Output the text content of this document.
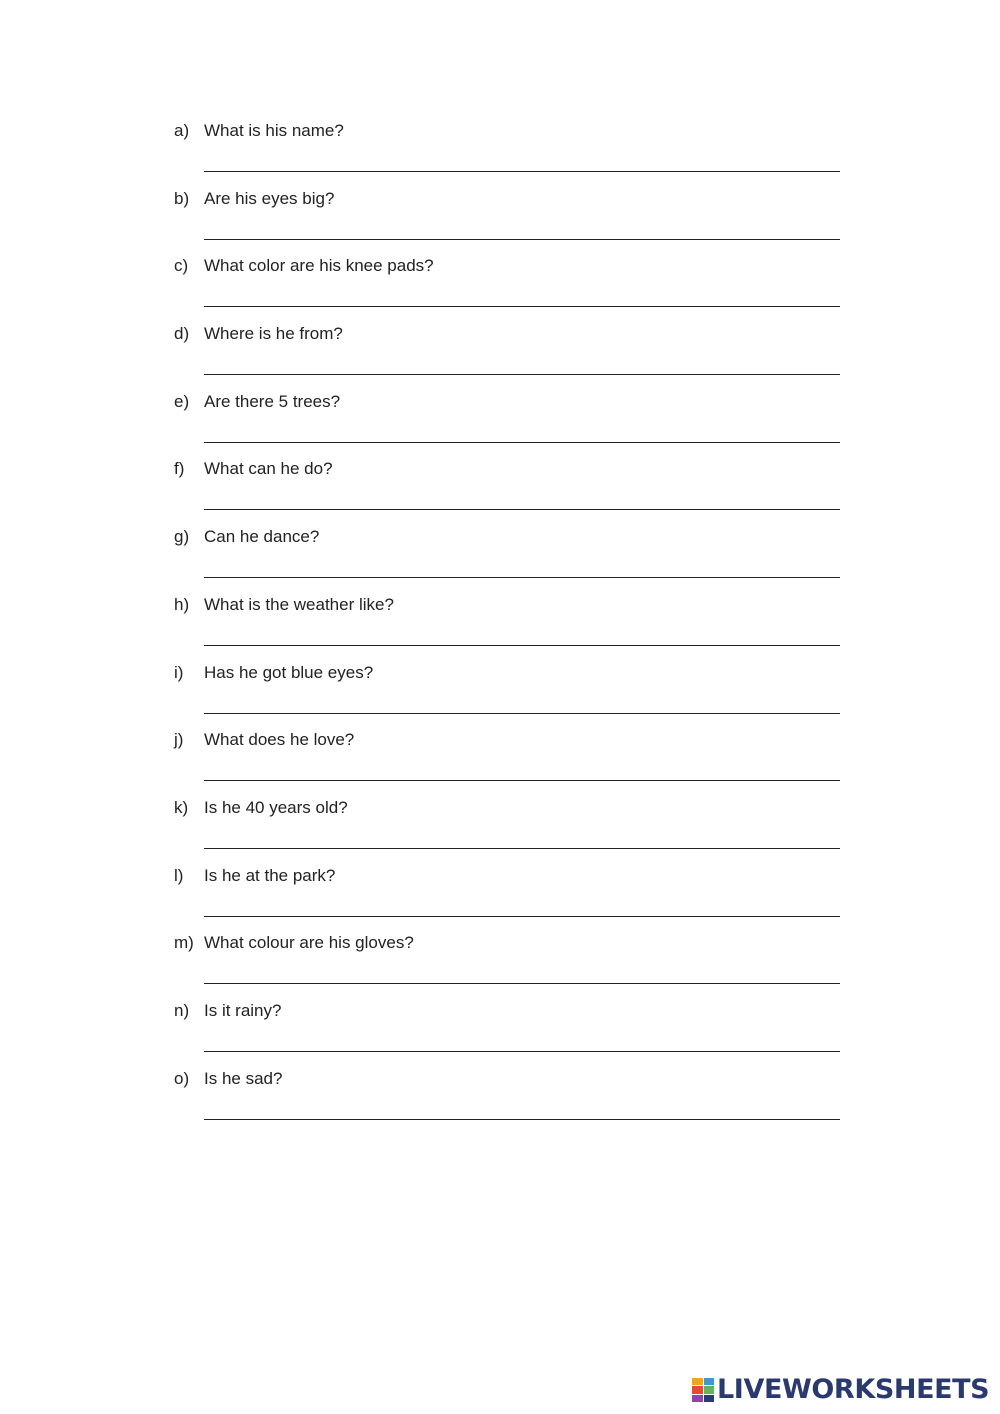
a) What is his name?
b) Are his eyes big?
c) What color are his knee pads?
d) Where is he from?
e) Are there 5 trees?
f) What can he do?
g) Can he dance?
h) What is the weather like?
i) Has he got blue eyes?
j) What does he love?
k) Is he 40 years old?
l) Is he at the park?
m) What colour are his gloves?
n) Is it rainy?
o) Is he sad?
LIVEWORKSHEETS
